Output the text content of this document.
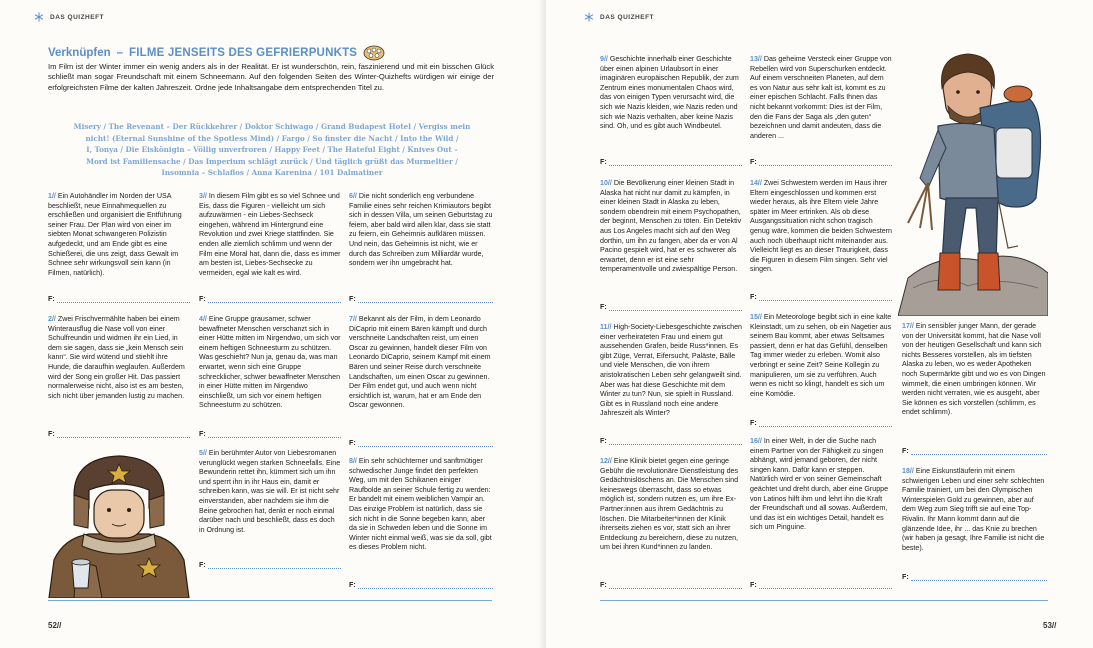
DAS QUIZHEFT
Verknüpfen – FILME JENSEITS DES GEFRIERPUNKTS

Im Film ist der Winter immer ein wenig anders als in der Realität. Er ist wunderschön, rein, faszinierend und mit ein bisschen Glück schließt man sogar Freundschaft mit einem Schneemann. Auf den folgenden Seiten des Winter-Quizhefts würdigen wir einige der erfolgreichsten Filme der kalten Jahreszeit. Ordne jede Inhaltsangabe dem entsprechenden Titel zu.

Misery / The Revenant – Der Rückkehrer / Doktor Schiwago / Grand Budapest Hotel / Vergiss mein
nicht! (Eternal Sunshine of the Spotless Mind) / Fargo / So finster die Nacht / Into the Wild /
I, Tonya / Die Eiskönigin – Völlig unverfroren / Happy Feet / The Hateful Eight / Knives Out –
Mord ist Familiensache / Das Imperium schlägt zurück / Und täglich grüßt das Murmeltier /
Insomnia – Schlaflos / Anna Karenina / 101 Dalmatiner

1// Ein Autohändler im Norden der USA beschließt, neue Einnahmequellen zu erschließen und organisiert die Entführung seiner Frau. Der Plan wird von einer im siebten Monat schwangeren Polizistin aufgedeckt, und am Ende gibt es eine Schießerei, die uns zeigt, dass Gewalt im Schnee sehr wirkungsvoll sein kann (in Filmen, natürlich).

F:

2// Zwei Frischvermählte haben bei einem Winterausflug die Nase voll von einer Schulfreundin und widmen ihr ein Lied, in dem sie sagen, dass sie „kein Mensch sein kann“. Sie wird wütend und stiehlt ihre Hunde, die daraufhin weglaufen. Außerdem wird der Song ein großer Hit. Das passiert normalerweise nicht, also ist es am besten, sich nicht über jemanden lustig zu machen.

F:

3// In diesem Film gibt es so viel Schnee und Eis, dass die Figuren - vielleicht um sich aufzuwärmen - ein Liebes-Sechseck eingehen, während im Hintergrund eine Revolution und zwei Kriege stattfinden. Sie enden alle ziemlich schlimm und wenn der Film eine Moral hat, dann die, dass es immer am besten ist, Liebes-Sechsecke zu vermeiden, egal wie kalt es wird.

F:

4// Eine Gruppe grausamer, schwer bewaffneter Menschen verschanzt sich in einer Hütte mitten im Nirgendwo, um sich vor einem heftigen Schneesturm zu schützen. Was geschieht? Nun ja, genau da, was man erwartet, wenn sich eine Gruppe schrecklicher, schwer bewaffneter Menschen in einer Hütte mitten im Nirgendwo einschließt, um sich vor einem heftigen Schneesturm zu schützen.

F:

5// Ein berühmter Autor von Liebesromanen verunglückt wegen starken Schneefalls. Eine Bewunderin rettet ihn, kümmert sich um ihn und sperrt ihn in ihr Haus ein, damit er schreiben kann, was sie will. Er ist nicht sehr einverstanden, aber nachdem sie ihm die Beine gebrochen hat, denkt er noch einmal darüber nach und beschließt, dass es doch in Ordnung ist.

F:

6// Die nicht sonderlich eng verbundene Familie eines sehr reichen Krimiautors begibt sich in dessen Villa, um seinen Geburtstag zu feiern, aber bald wird allen klar, dass sie statt zu feiern, ein Geheimnis aufklären müssen. Und nein, das Geheimnis ist nicht, wie er durch das Schreiben zum Milliardär wurde, sondern wer ihn umgebracht hat.

F:

7// Bekannt als der Film, in dem Leonardo DiCaprio mit einem Bären kämpft und durch verschneite Landschaften reist, um einen Oscar zu gewinnen, handelt dieser Film von Leonardo DiCaprio, seinem Kampf mit einem Bären und seiner Reise durch verschneite Landschaften, um einen Oscar zu gewinnen. Der Film endet gut, und auch wenn nicht ersichtlich ist, warum, hat er am Ende den Oscar gewonnen.

F:

8// Ein sehr schüchterner und sanftmütiger schwedischer Junge findet den perfekten Weg, um mit den Schikanen einiger Raufbolde an seiner Schule fertig zu werden: Er bandelt mit einem weiblichen Vampir an. Das einzige Problem ist natürlich, dass sie sich nicht in die Sonne begeben kann, aber da sie in Schweden leben und die Sonne im Winter nicht einmal weiß, was sie da soll, gibt es dieses Problem nicht.

F:
52//
DAS QUIZHEFT

9// Geschichte innerhalb einer Geschichte über einen alpinen Urlaubsort in einer imaginären europäischen Republik, der zum Zentrum eines monumentalen Chaos wird, das von einigen Typen verursacht wird, die sich wie Nazis kleiden, wie Nazis reden und sich wie Nazis verhalten, aber keine Nazis sind. Oh, und es gibt auch Windbeutel.

F:

10// Die Bevölkerung einer kleinen Stadt in Alaska hat nicht nur damit zu kämpfen, in einer kleinen Stadt in Alaska zu leben, sondern obendrein mit einem Psychopathen, der beginnt, Menschen zu töten. Ein Detektiv aus Los Angeles macht sich auf den Weg dorthin, um ihn zu fangen, aber da er von Al Pacino gespielt wird, hat er es schwerer als erwartet, denn er ist eine sehr temperamentvolle und zwiespältige Person.

F:

11// High-Society-Liebesgeschichte zwischen einer verheirateten Frau und einem gut aussehenden Grafen, beide Russ*innen. Es gibt Züge, Verrat, Eifersucht, Paläste, Bälle und viele Menschen, die von ihrem aristokratischen Leben sehr gelangweilt sind. Aber was hat diese Geschichte mit dem Winter zu tun? Nun, sie spielt in Russland. Gibt es in Russland noch eine andere Jahreszeit als Winter?

F:

12// Eine Klinik bietet gegen eine geringe Gebühr die revolutionäre Dienstleistung des Gedächtnislöschens an. Die Menschen sind keineswegs überrascht, dass so etwas möglich ist, sondern nutzen es, um ihre Ex-Partner:innen aus ihrem Gedächtnis zu löschen. Die Mitarbeiter*innen der Klinik ihrerseits ziehen es vor, statt sich an ihrer Entdeckung zu bereichern, diese zu nutzen, um bei ihren Kund*innen zu landen.

F:

13// Das geheime Versteck einer Gruppe von Rebellen wird von Superschurken entdeckt. Auf einem verschneiten Planeten, auf dem es von Natur aus sehr kalt ist, kommt es zu einer epischen Schlacht. Falls Ihnen das nicht bekannt vorkommt: Dies ist der Film, den die Fans der Saga als „den guten“ bezeichnen und damit andeuten, dass die anderen ...

F:

14// Zwei Schwestern werden im Haus ihrer Eltern eingeschlossen und kommen erst wieder heraus, als ihre Eltern viele Jahre später im Meer ertrinken. Als ob diese Ausgangssituation nicht schon tragisch genug wäre, kommen die beiden Schwestern auch noch überhaupt nicht miteinander aus. Vielleicht liegt es an dieser Traurigkeit, dass die Figuren in diesem Film singen. Sehr viel singen.

F:

15// Ein Meteorologe begibt sich in eine kalte Kleinstadt, um zu sehen, ob ein Nagetier aus seinem Bau kommt, aber etwas Seltsames passiert, denn er hat das Gefühl, denselben Tag immer wieder zu erleben. Womit also verbringt er seine Zeit? Seine Kollegin zu manipulieren, um sie zu verführen. Auch wenn es nicht so klingt, handelt es sich um eine Komödie.

F:

16// In einer Welt, in der die Suche nach einem Partner von der Fähigkeit zu singen abhängt, wird jemand geboren, der nicht singen kann. Dafür kann er steppen. Natürlich wird er von seiner Gemeinschaft geächtet und dreht durch, aber eine Gruppe von Latinos hilft ihm und lehrt ihn die Kraft der Freundschaft und all sowas. Außerdem, und das ist ein wichtiges Detail, handelt es sich um Pinguine.

F:

17// Ein sensibler junger Mann, der gerade von der Universität kommt, hat die Nase voll von der heutigen Gesellschaft und kann sich nichts Besseres vorstellen, als im tiefsten Alaska zu leben, wo es weder Apotheken noch Supermärkte gibt und wo es von Dingen wimmelt, die einen umbringen können. Wir werden nicht verraten, wie es ausgeht, aber Sie können es sich vorstellen (schlimm, es endet schlimm).

F:

18// Eine Eiskunstläuferin mit einem schwierigen Leben und einer sehr schlechten Familie trainiert, um bei den Olympischen Winterspielen Gold zu gewinnen, aber auf dem Weg zum Sieg trifft sie auf eine Top-Rivalin. Ihr Mann kommt dann auf die glänzende Idee, ihr ... das Knie zu brechen (wir haben ja gesagt, Ihre Familie ist nicht die beste).

F:
53//
